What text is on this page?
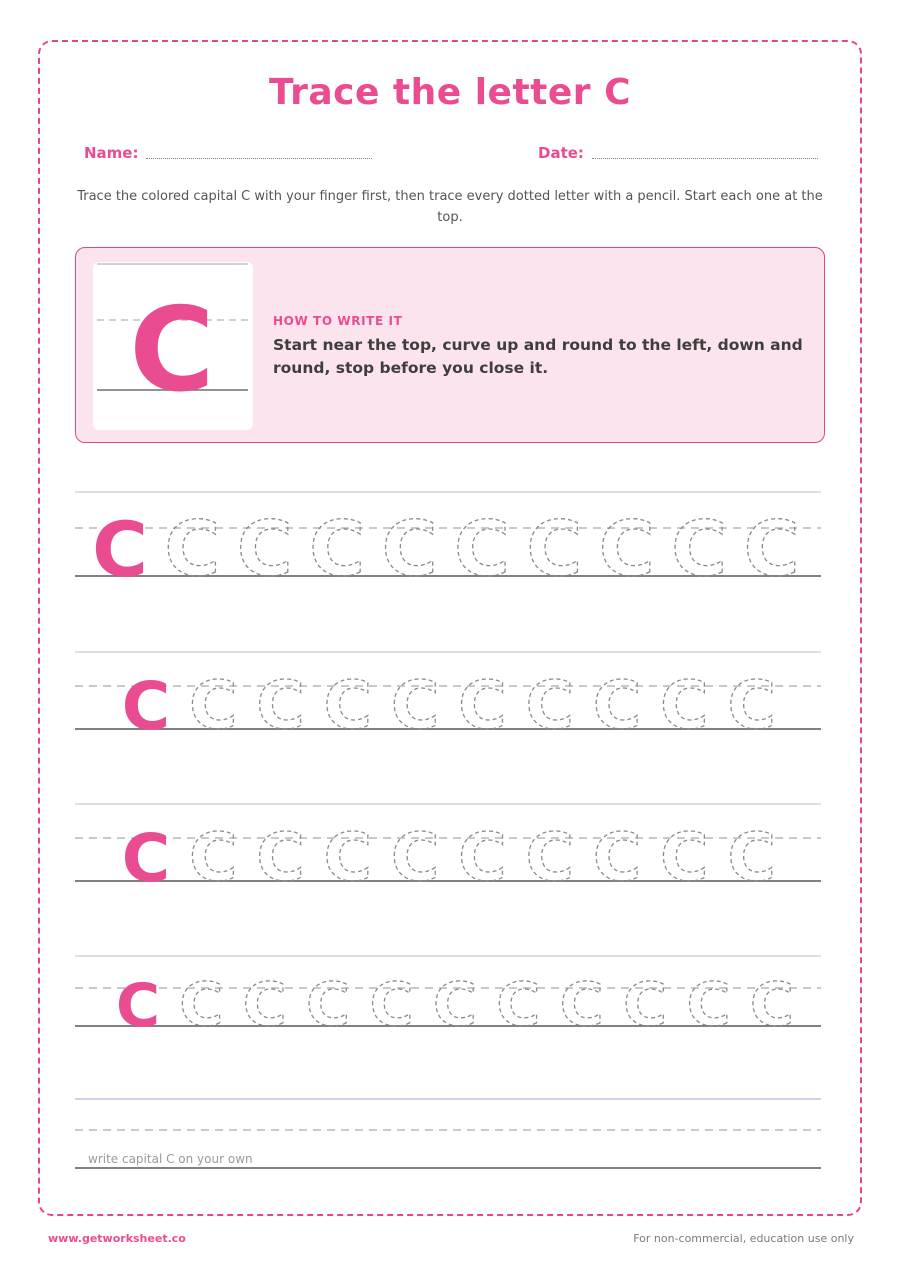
Trace the letter C
Name:	Date:
Trace the colored capital C with your finger first, then trace every dotted letter with a pencil. Start each one at the top.
HOW TO WRITE IT
Start near the top, curve up and round to the left, down and round, stop before you close it.
C
C C C C C C C C C C
C C C C C C C C C C
C C C C C C C C C C
C C C C C C C C C C C
write capital C on your own
www.getworksheet.co	For non-commercial, education use only
